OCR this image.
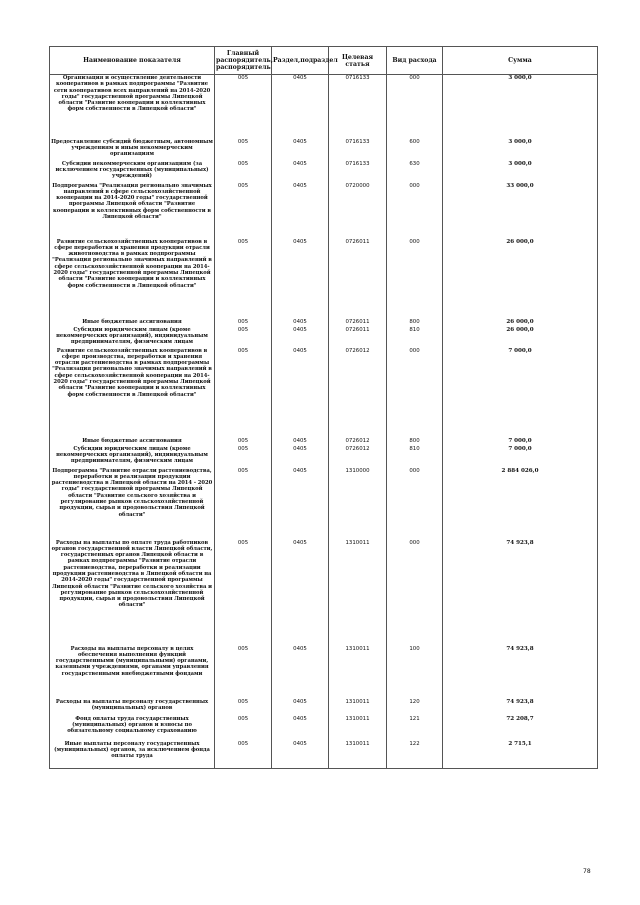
Наименование показателя	Главный распорядитель, распорядитель	Раздел,подраздел	Целевая статья	Вид расхода	Сумма
Организация и осуществление деятельности кооперативов в рамках подпрограммы "Развитие сети кооперативов всех направлений на 2014-2020 годы" государственной программы Липецкой области "Развитие кооперации и коллективных форм собственности в Липецкой области"	005	0405	0716133	000	3 000,0
Предоставление субсидий бюджетным, автономным учреждениям и иным некоммерческим организациям	005	0405	0716133	600	3 000,0
Субсидии некоммерческим организациям (за исключением государственных (муниципальных) учреждений)	005	0405	0716133	630	3 000,0
Подпрограмма "Реализация регионально значимых направлений в сфере сельскохозяйственной кооперации на 2014-2020 годы" государственной программы Липецкой области "Развитие кооперации и коллективных форм собственности в Липецкой области"	005	0405	0720000	000	33 000,0
Развитие сельскохозяйственных кооперативов в сфере переработки и хранения продукции отрасли животноводства в рамках подпрограммы "Реализация регионально значимых направлений в сфере сельскохозяйственной кооперации на 2014-2020 годы" государственной программы Липецкой области "Развитие кооперации и коллективных форм собственности в Липецкой области"	005	0405	0726011	000	26 000,0
Иные бюджетные ассигнования	005	0405	0726011	800	26 000,0
Субсидии юридическим лицам (кроме некоммерческих организаций), индивидуальным предпринимателям, физическим лицам	005	0405	0726011	810	26 000,0
Развитие сельскохозяйственных кооперативов в сфере производства, переработки и хранения отрасли растениеводства в рамках подпрограммы "Реализация регионально значимых направлений в сфере сельскохозяйственной кооперации на 2014-2020 годы" государственной программы Липецкой области "Развитие кооперации и коллективных форм собственности в Липецкой области"	005	0405	0726012	000	7 000,0
Иные бюджетные ассигнования	005	0405	0726012	800	7 000,0
Субсидии юридическим лицам (кроме некоммерческих организаций), индивидуальным предпринимателям, физическим лицам	005	0405	0726012	810	7 000,0
Подпрограмма "Развитие отрасли растениеводства, переработки и реализации продукции растениеводства в Липецкой области на 2014 - 2020 годы" государственной программы Липецкой области "Развитие сельского хозяйства и регулирование рынков сельскохозяйственной продукции, сырья и продовольствия Липецкой области"	005	0405	1310000	000	2 884 026,0
Расходы на выплаты по оплате труда работников органов государственной власти Липецкой области, государственных органов Липецкой области в рамках подпрограммы "Развитие отрасли растениеводства, переработки и реализации продукции растениеводства в Липецкой области на 2014-2020 годы" государственной программы Липецкой области "Развитие сельского хозяйства и регулирование рынков сельскохозяйственной продукции, сырья и продовольствия Липецкой области"	005	0405	1310011	000	74 923,8
Расходы на выплаты персоналу в целях обеспечения выполнения функций государственными (муниципальными) органами, казенными учреждениями, органами управления государственными внебюджетными фондами	005	0405	1310011	100	74 923,8
Расходы на выплаты персоналу государственных (муниципальных) органов	005	0405	1310011	120	74 923,8
Фонд оплаты труда государственных (муниципальных) органов и взносы по обязательному социальному страхованию	005	0405	1310011	121	72 208,7
Иные выплаты персоналу государственных (муниципальных) органов, за исключением фонда оплаты труда	005	0405	1310011	122	2 715,1
78
